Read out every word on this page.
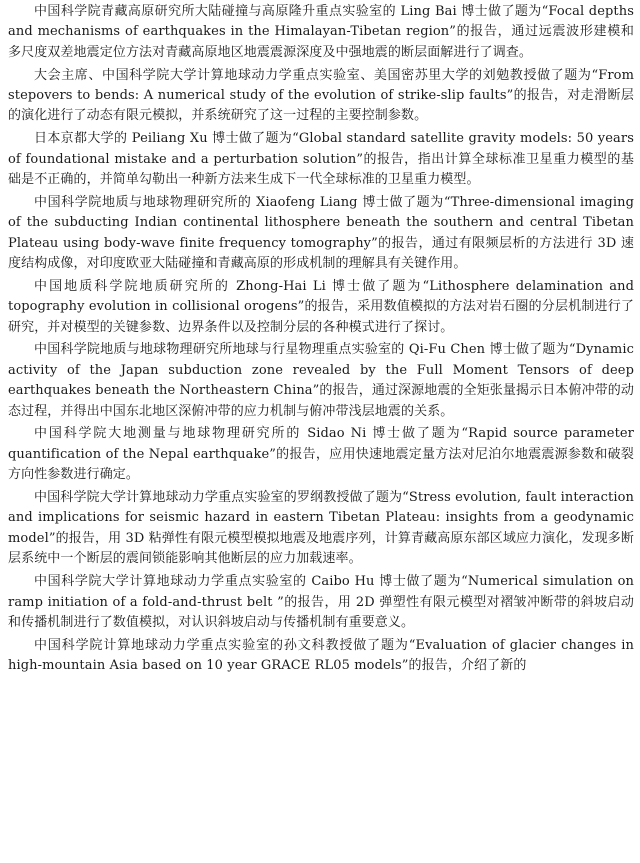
中国科学院青藏高原研究所大陆碰撞与高原隆升重点实验室的 Ling Bai 博士做了题为“Focal depths and mechanisms of earthquakes in the Himalayan-Tibetan region”的报告，通过远震波形建模和多尺度双差地震定位方法对青藏高原地区地震震源深度及中强地震的断层面解进行了调查。

大会主席、中国科学院大学计算地球动力学重点实验室、美国密苏里大学的刘勉教授做了题为“From stepovers to bends: A numerical study of the evolution of strike-slip faults”的报告，对走滑断层的演化进行了动态有限元模拟，并系统研究了这一过程的主要控制参数。

日本京都大学的 Peiliang Xu 博士做了题为“Global standard satellite gravity models: 50 years of foundational mistake and a perturbation solution”的报告，指出计算全球标准卫星重力模型的基础是不正确的，并简单勾勒出一种新方法来生成下一代全球标准的卫星重力模型。

中国科学院地质与地球物理研究所的 Xiaofeng Liang 博士做了题为“Three-dimensional imaging of the subducting Indian continental lithosphere beneath the southern and central Tibetan Plateau using body-wave finite frequency tomography”的报告，通过有限频层析的方法进行 3D 速度结构成像，对印度欧亚大陆碰撞和青藏高原的形成机制的理解具有关键作用。

中国地质科学院地质研究所的 Zhong-Hai Li 博士做了题为“Lithosphere delamination and topography evolution in collisional orogens”的报告，采用数值模拟的方法对岩石圈的分层机制进行了研究，并对模型的关键参数、边界条件以及控制分层的各种模式进行了探讨。

中国科学院地质与地球物理研究所地球与行星物理重点实验室的 Qi-Fu Chen 博士做了题为“Dynamic activity of the Japan subduction zone revealed by the Full Moment Tensors of deep earthquakes beneath the Northeastern China”的报告，通过深源地震的全矩张量揭示日本俯冲带的动态过程，并得出中国东北地区深俯冲带的应力机制与俯冲带浅层地震的关系。

中国科学院大地测量与地球物理研究所的 Sidao Ni 博士做了题为“Rapid source parameter quantification of the Nepal earthquake”的报告，应用快速地震定量方法对尼泊尔地震震源参数和破裂方向性参数进行确定。

中国科学院大学计算地球动力学重点实验室的罗纲教授做了题为“Stress evolution, fault interaction and implications for seismic hazard in eastern Tibetan Plateau: insights from a geodynamic model”的报告，用 3D 粘弹性有限元模型模拟地震及地震序列，计算青藏高原东部区域应力演化，发现多断层系统中一个断层的震间锁能影响其他断层的应力加载速率。

中国科学院大学计算地球动力学重点实验室的 Caibo Hu 博士做了题为“Numerical simulation on ramp initiation of a fold-and-thrust belt ”的报告，用 2D 弹塑性有限元模型对褶皱冲断带的斜坡启动和传播机制进行了数值模拟，对认识斜坡启动与传播机制有重要意义。

中国科学院计算地球动力学重点实验室的孙文科教授做了题为“Evaluation of glacier changes in high-mountain Asia based on 10 year GRACE RL05 models”的报告，介绍了新的
